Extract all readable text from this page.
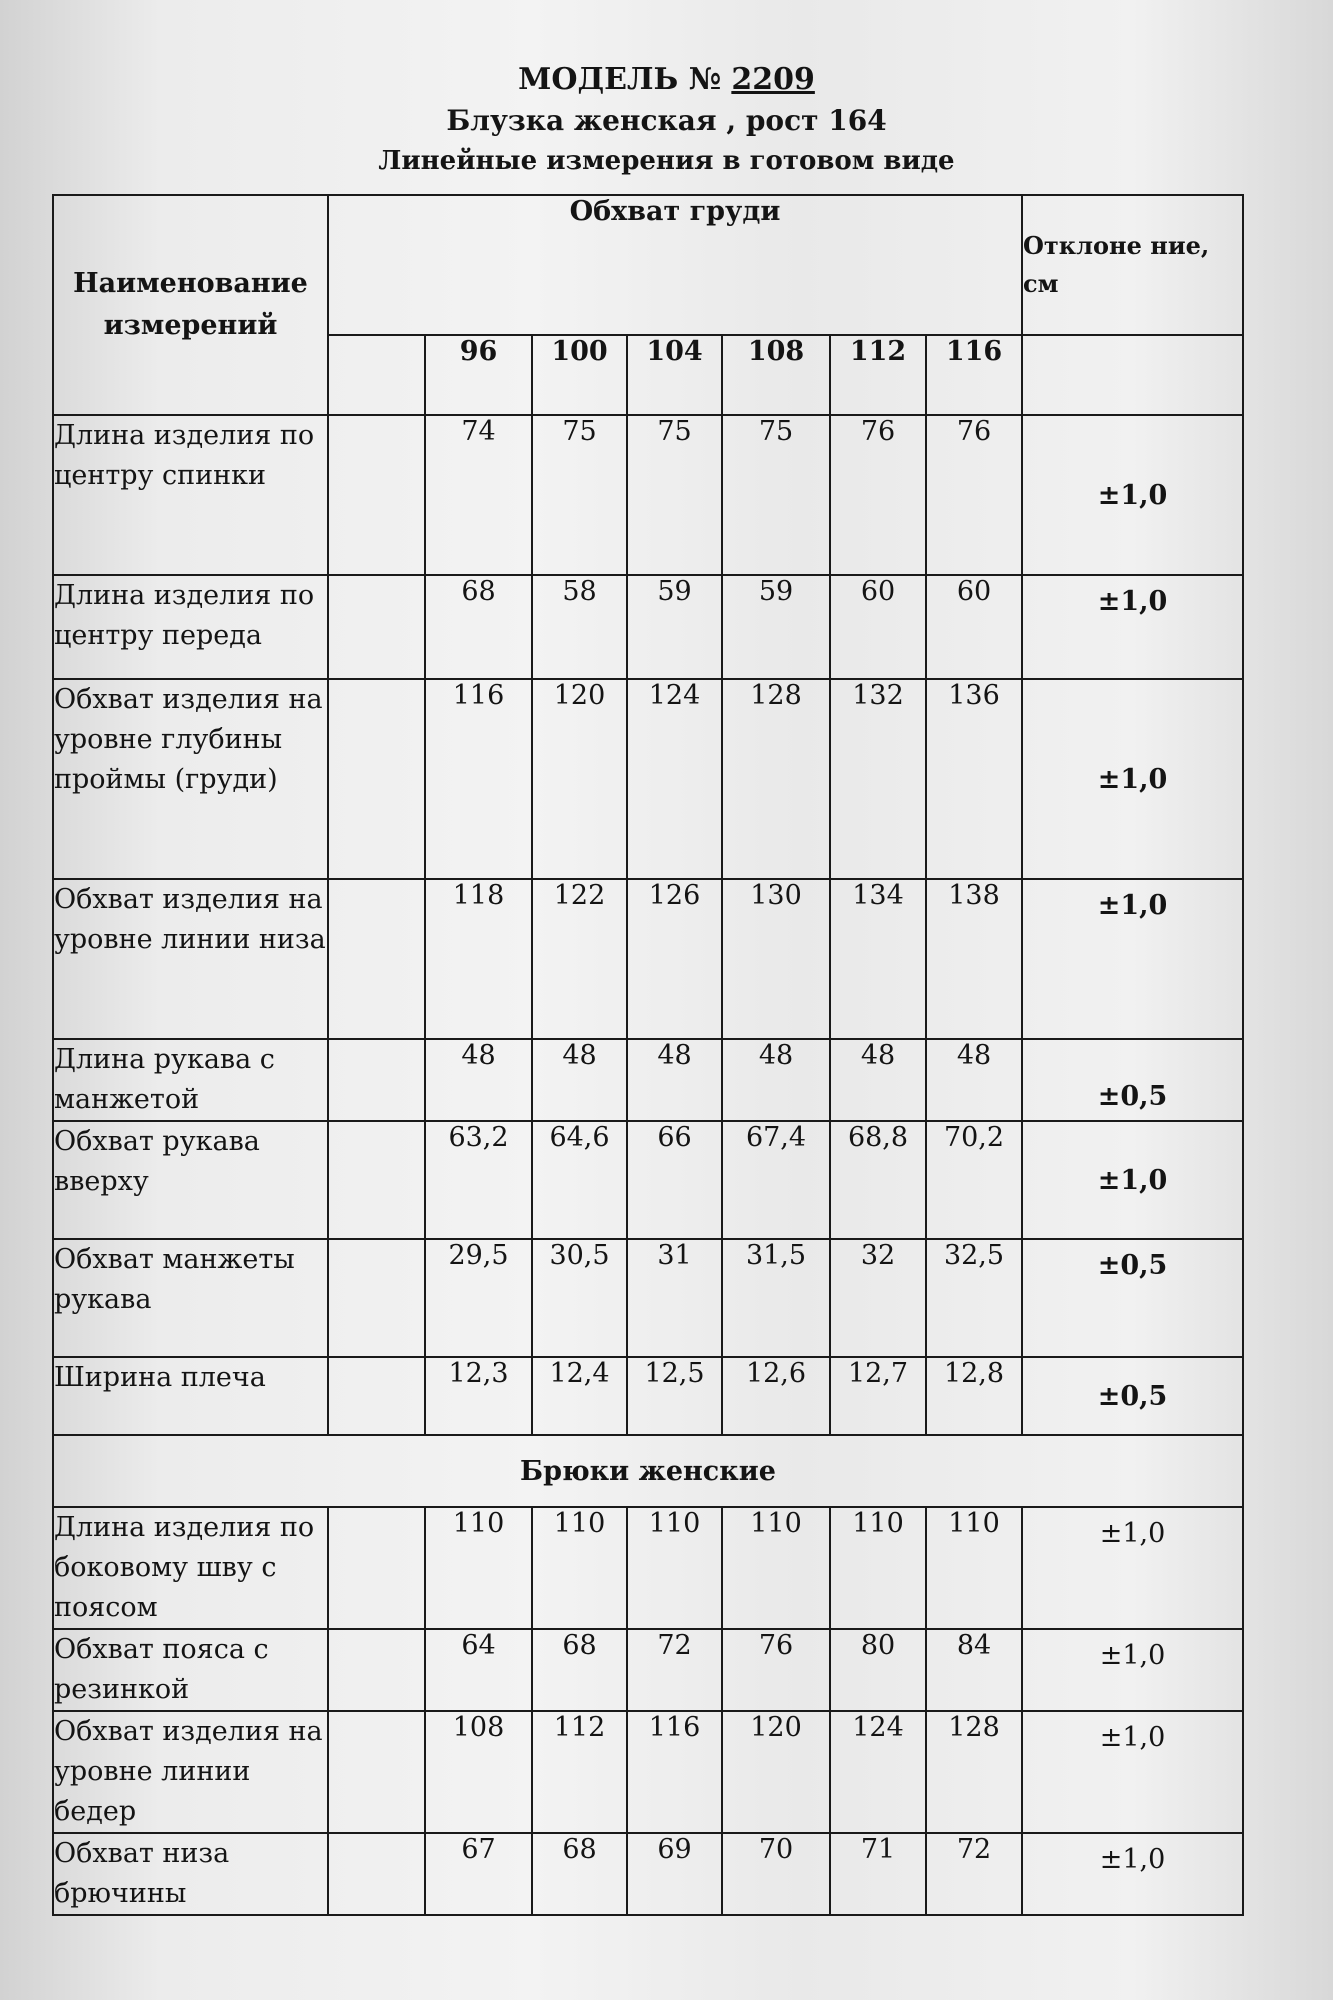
МОДЕЛЬ № 2209
Блузка женская , рост 164
Линейные измерения в готовом виде
Наименование измерений	Обхват груди							Отклоне ние, см
		96	100	104	108	112	116	
Длина изделия по центру спинки		74	75	75	75	76	76	±1,0
Длина изделия по центру переда		68	58	59	59	60	60	±1,0
Обхват изделия на уровне глубины проймы (груди)		116	120	124	128	132	136	±1,0
Обхват изделия на уровне линии низа		118	122	126	130	134	138	±1,0
Длина рукава с манжетой		48	48	48	48	48	48	±0,5
Обхват рукава вверху		63,2	64,6	66	67,4	68,8	70,2	±1,0
Обхват манжеты рукава		29,5	30,5	31	31,5	32	32,5	±0,5
Ширина плеча		12,3	12,4	12,5	12,6	12,7	12,8	±0,5
Брюки женские								

Длина изделия по боковому шву с поясом		110	110	110	110	110	110	±1,0
Обхват пояса с резинкой		64	68	72	76	80	84	±1,0
Обхват изделия на уровне линии бедер		108	112	116	120	124	128	±1,0
Обхват низа брючины		67	68	69	70	71	72	±1,0
